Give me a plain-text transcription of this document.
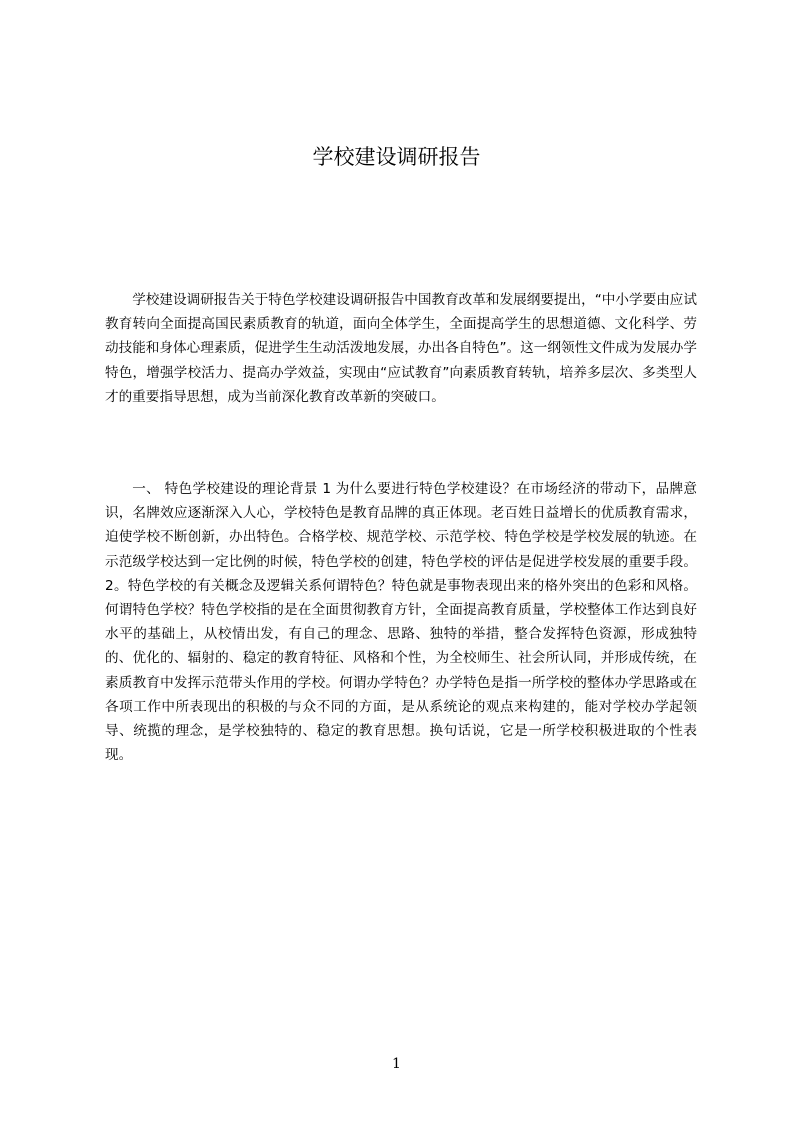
学校建设调研报告

学校建设调研报告关于特色学校建设调研报告中国教育改革和发展纲要提出，“中小学要由应试教育转向全面提高国民素质教育的轨道，面向全体学生，全面提高学生的思想道德、文化科学、劳动技能和身体心理素质，促进学生生动活泼地发展，办出各自特色”。这一纲领性文件成为发展办学特色，增强学校活力、提高办学效益，实现由“应试教育”向素质教育转轨，培养多层次、多类型人才的重要指导思想，成为当前深化教育改革新的突破口。

一、 特色学校建设的理论背景 1 为什么要进行特色学校建设？在市场经济的带动下，品牌意识，名牌效应逐渐深入人心，学校特色是教育品牌的真正体现。老百姓日益增长的优质教育需求，迫使学校不断创新，办出特色。合格学校、规范学校、示范学校、特色学校是学校发展的轨迹。在示范级学校达到一定比例的时候，特色学校的创建，特色学校的评估是促进学校发展的重要手段。2。特色学校的有关概念及逻辑关系何谓特色？特色就是事物表现出来的格外突出的色彩和风格。何谓特色学校？特色学校指的是在全面贯彻教育方针，全面提高教育质量，学校整体工作达到良好水平的基础上，从校情出发，有自己的理念、思路、独特的举措，整合发挥特色资源，形成独特的、优化的、辐射的、稳定的教育特征、风格和个性，为全校师生、社会所认同，并形成传统，在素质教育中发挥示范带头作用的学校。何谓办学特色？办学特色是指一所学校的整体办学思路或在各项工作中所表现出的积极的与众不同的方面，是从系统论的观点来构建的，能对学校办学起领导、统揽的理念，是学校独特的、稳定的教育思想。换句话说，它是一所学校积极进取的个性表现。

1
